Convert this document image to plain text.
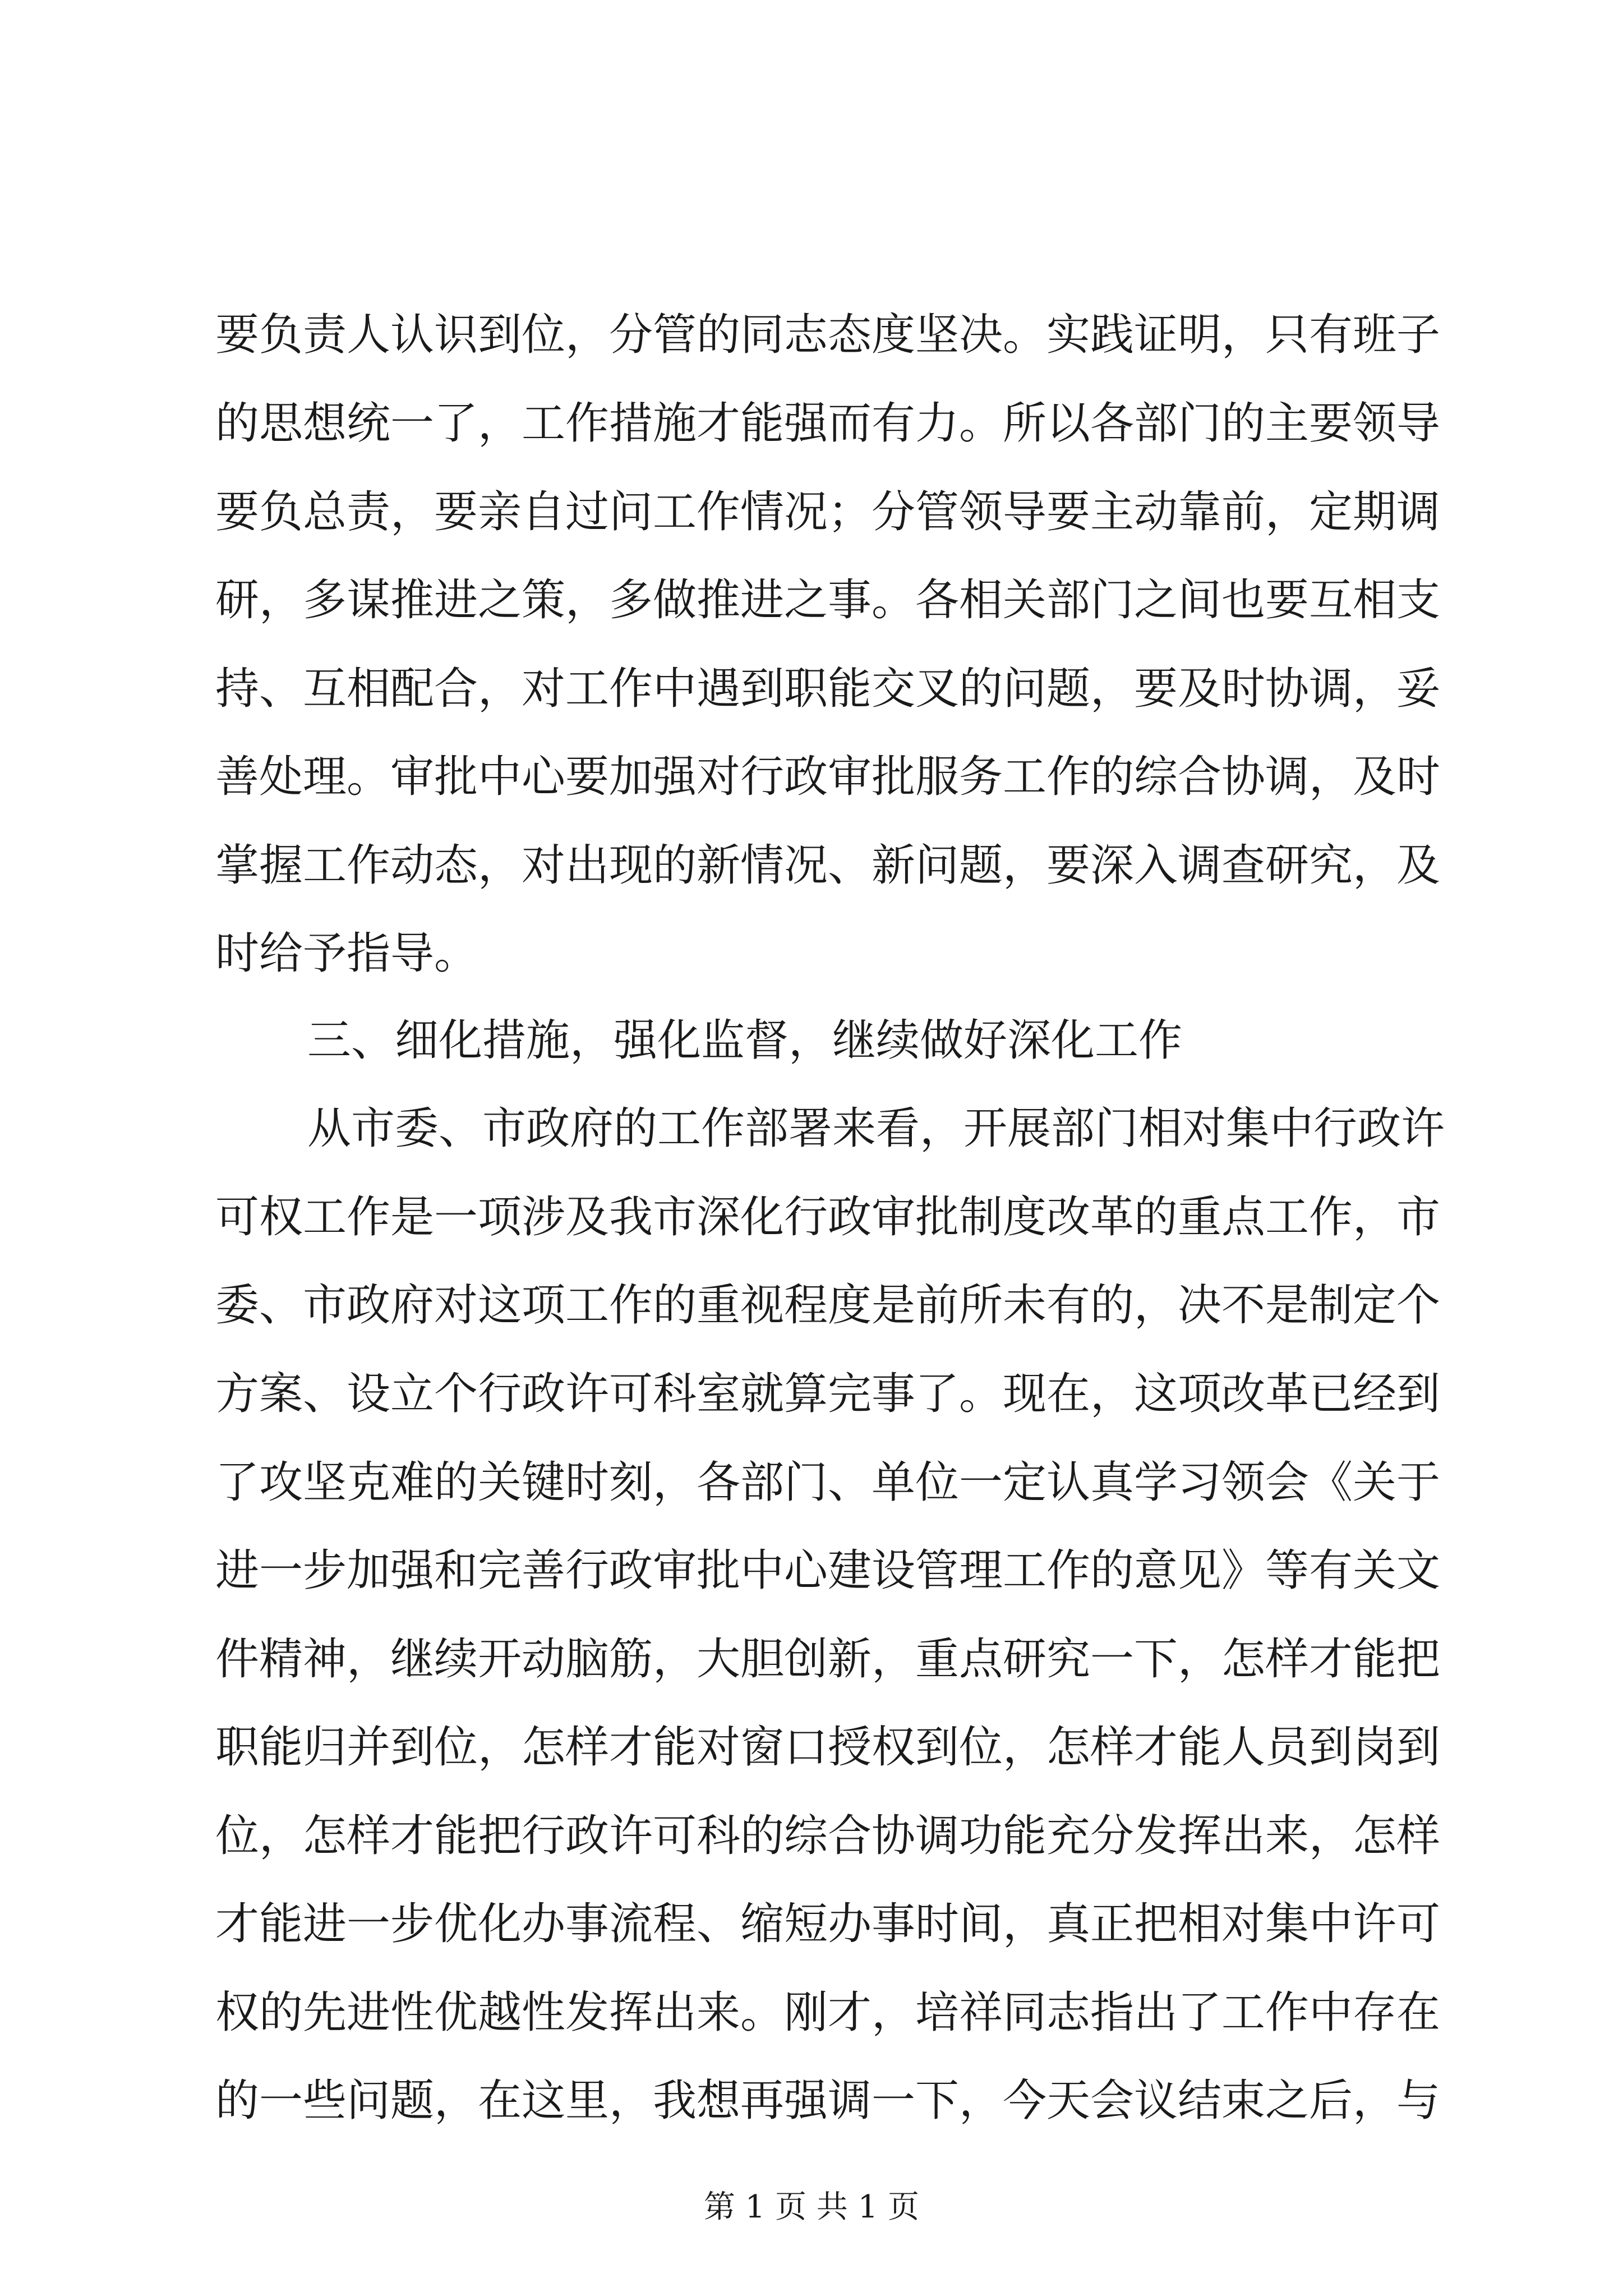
要负责人认识到位，分管的同志态度坚决。实践证明，只有班子
的思想统一了，工作措施才能强而有力。所以各部门的主要领导
要负总责，要亲自过问工作情况；分管领导要主动靠前，定期调
研，多谋推进之策，多做推进之事。各相关部门之间也要互相支
持、互相配合，对工作中遇到职能交叉的问题，要及时协调，妥
善处理。审批中心要加强对行政审批服务工作的综合协调，及时
掌握工作动态，对出现的新情况、新问题，要深入调查研究，及
时给予指导。
三、细化措施，强化监督，继续做好深化工作
从市委、市政府的工作部署来看，开展部门相对集中行政许
可权工作是一项涉及我市深化行政审批制度改革的重点工作，市
委、市政府对这项工作的重视程度是前所未有的，决不是制定个
方案、设立个行政许可科室就算完事了。现在，这项改革已经到
了攻坚克难的关键时刻，各部门、单位一定认真学习领会《关于
进一步加强和完善行政审批中心建设管理工作的意见》等有关文
件精神，继续开动脑筋，大胆创新，重点研究一下，怎样才能把
职能归并到位，怎样才能对窗口授权到位，怎样才能人员到岗到
位，怎样才能把行政许可科的综合协调功能充分发挥出来，怎样
才能进一步优化办事流程、缩短办事时间，真正把相对集中许可
权的先进性优越性发挥出来。刚才，培祥同志指出了工作中存在
的一些问题，在这里，我想再强调一下，今天会议结束之后，与
第 1 页 共 1 页
